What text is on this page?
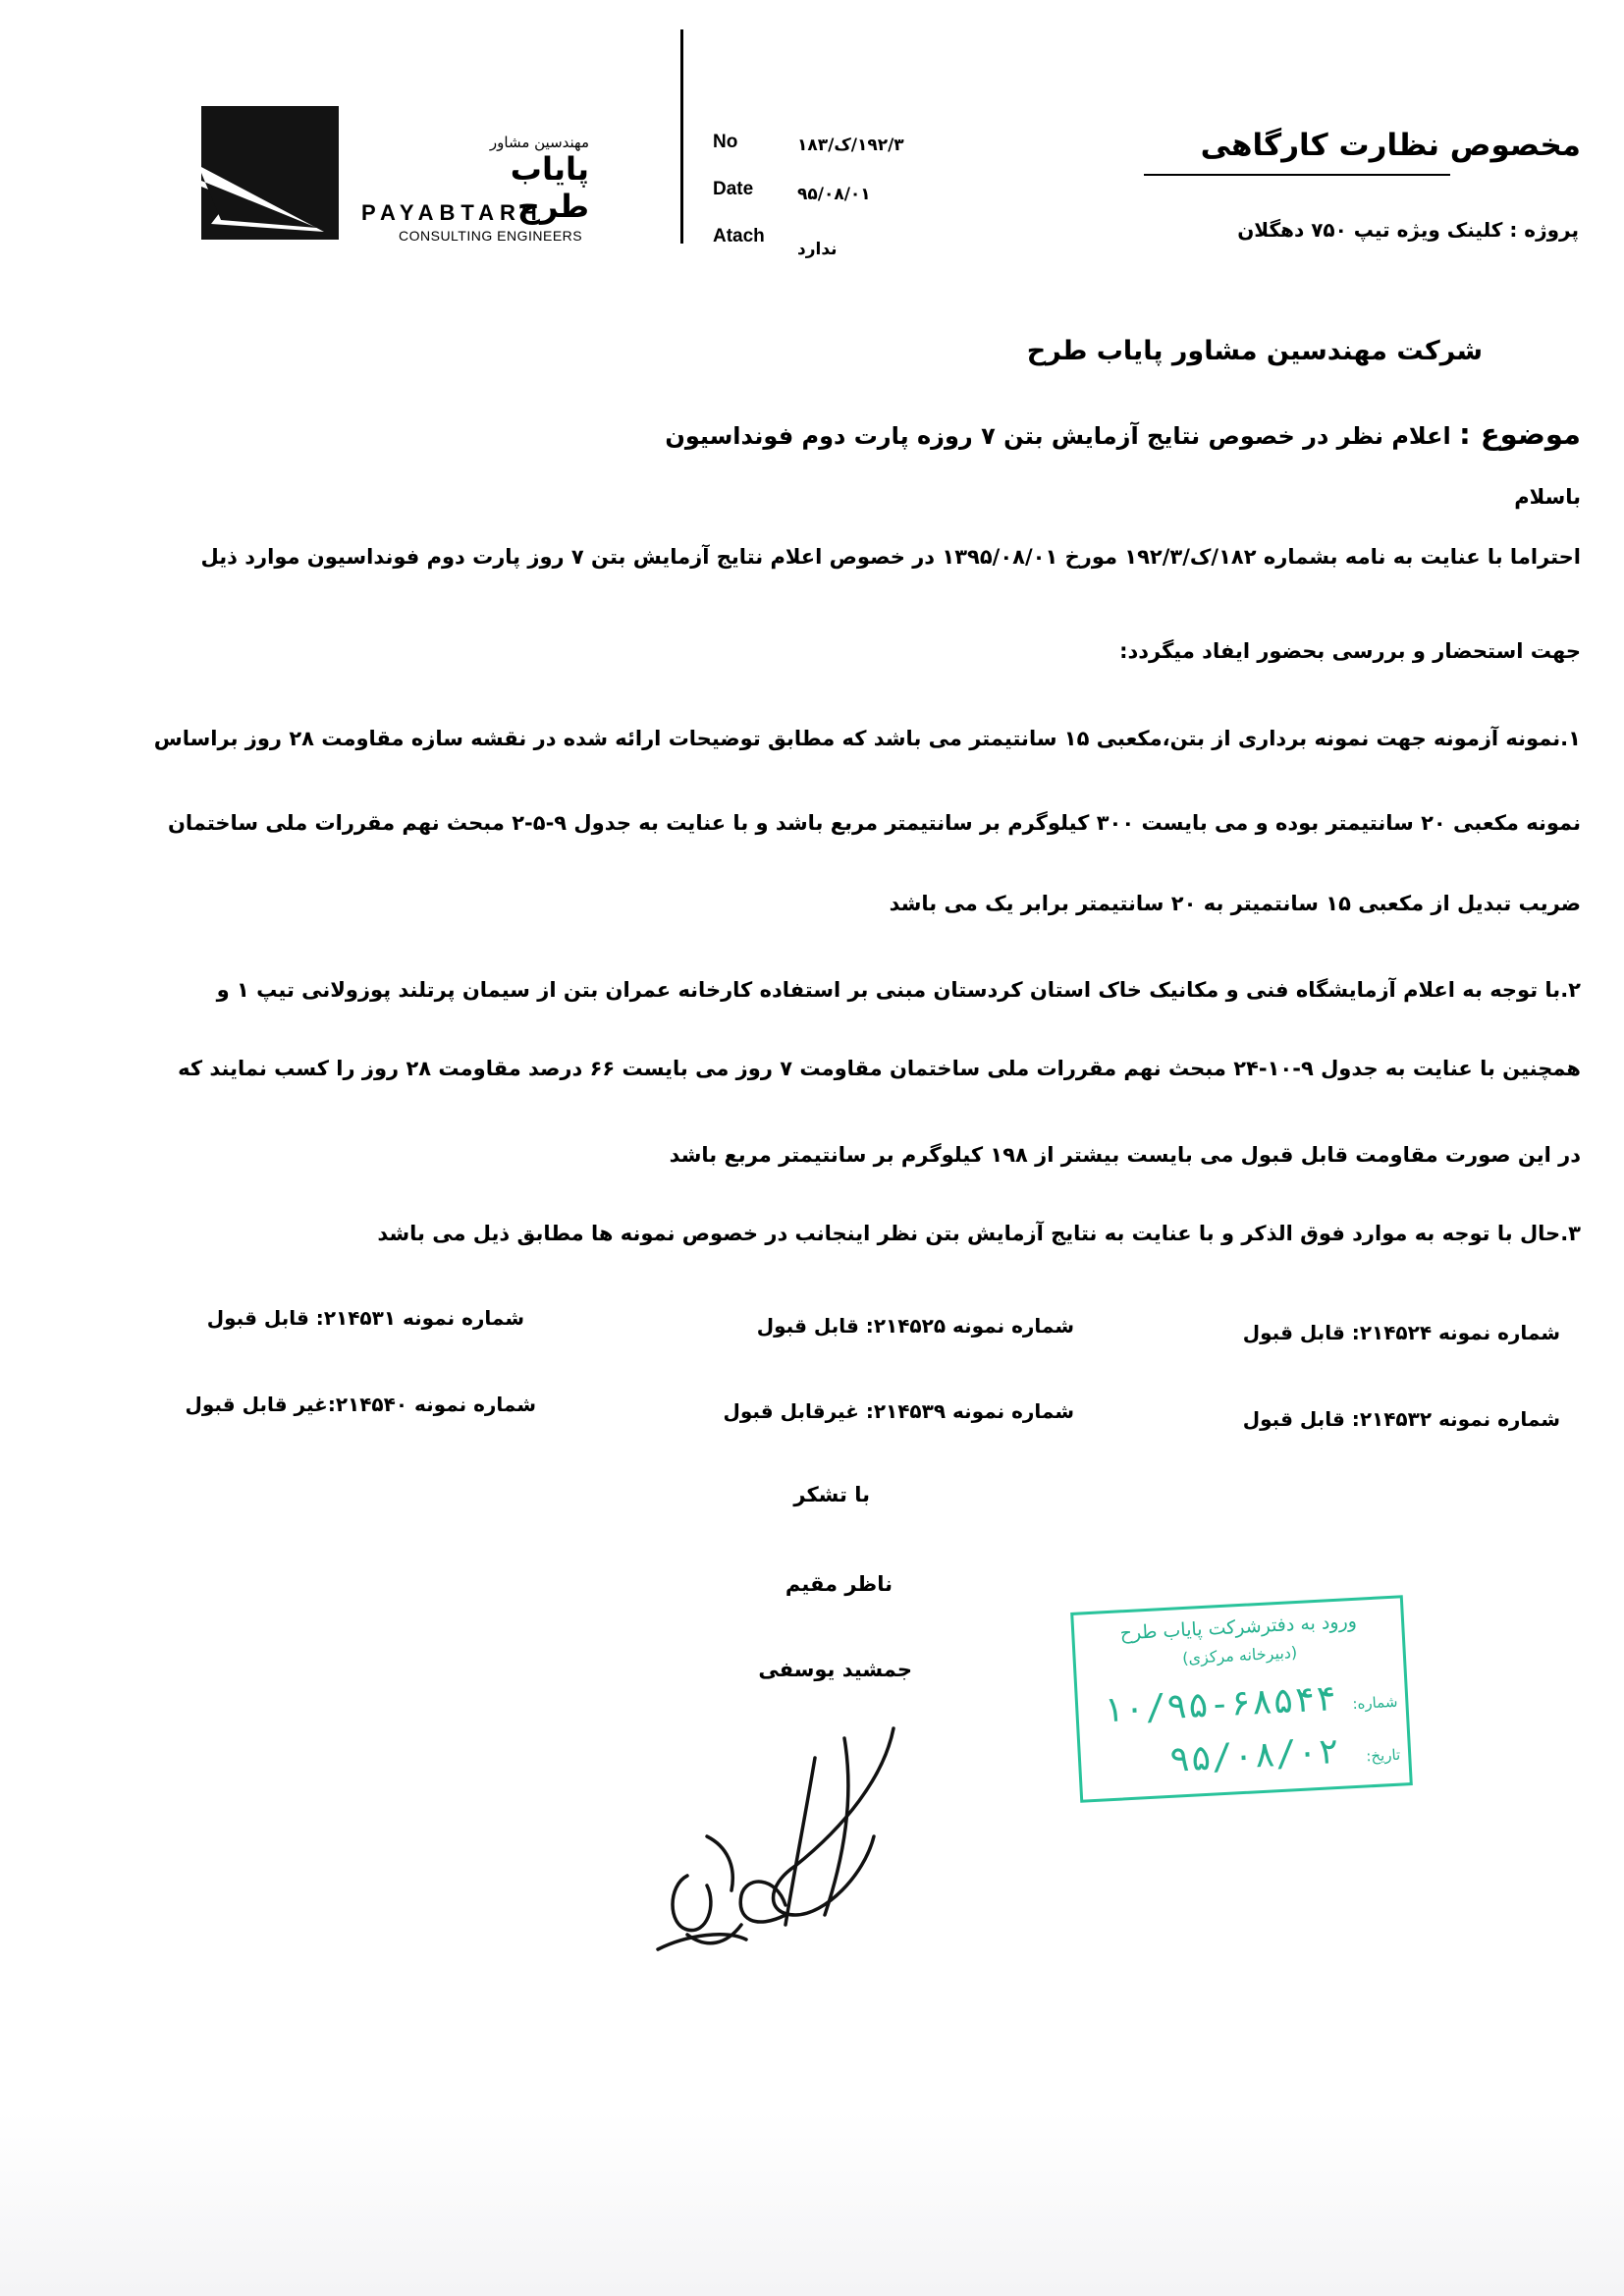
مهندسین مشاور
پایاب طرح
PAYABTARH
CONSULTING ENGINEERS
No	۱۹۲/۳/ک/۱۸۳
Date	۹۵/۰۸/۰۱
Atach
ندارد
مخصوص نظارت کارگاهی
پروژه : کلینک ویژه تیپ ۷۵۰ دهگلان
شرکت مهندسین مشاور پایاب طرح
موضوع : اعلام نظر در خصوص نتایج آزمایش بتن ۷ روزه پارت دوم فونداسیون
باسلام
احتراما با عنایت به نامه بشماره ۱۸۲/ک/۱۹۲/۳ مورخ ۱۳۹۵/۰۸/۰۱ در خصوص اعلام نتایج آزمایش بتن ۷ روز پارت دوم فونداسیون موارد ذیل
جهت استحضار و بررسی بحضور ایفاد میگردد:
۱.نمونه آزمونه جهت نمونه برداری از بتن،مکعبی ۱۵ سانتیمتر می باشد که مطابق توضیحات ارائه شده در نقشه سازه مقاومت ۲۸ روز براساس
نمونه مکعبی ۲۰ سانتیمتر بوده و می بایست ۳۰۰ کیلوگرم بر سانتیمتر مربع باشد و با عنایت به جدول ۹-۵-۲ مبحث نهم مقررات ملی ساختمان
ضریب تبدیل از مکعبی ۱۵ سانتمیتر به ۲۰ سانتیمتر برابر یک می باشد
۲.با توجه به اعلام آزمایشگاه فنی و مکانیک خاک استان کردستان مبنی بر استفاده کارخانه عمران بتن از سیمان پرتلند پوزولانی تیپ ۱ و
همچنین با عنایت به جدول ۹-۱۰-۲۴ مبحث نهم مقررات ملی ساختمان مقاومت ۷ روز می بایست ۶۶ درصد مقاومت ۲۸ روز را کسب نمایند که
در این صورت مقاومت قابل قبول می بایست بیشتر از ۱۹۸ کیلوگرم بر سانتیمتر مربع باشد
۳.حال با توجه به موارد فوق الذکر و با عنایت به نتایج آزمایش بتن نظر اینجانب در خصوص نمونه ها مطابق ذیل می باشد
شماره نمونه ۲۱۴۵۲۴: قابل قبول
شماره نمونه ۲۱۴۵۲۵: قابل قبول
شماره نمونه ۲۱۴۵۳۱: قابل قبول
شماره نمونه ۲۱۴۵۳۲: قابل قبول
شماره نمونه ۲۱۴۵۳۹: غیرقابل قبول
شماره نمونه ۲۱۴۵۴۰:غیر قابل قبول
با تشکر
ناظر مقیم
جمشید یوسفی
ورود به دفترشرکت پایاب طرح
(دبیرخانه مرکزی)
شماره:
۱۰/۹۵-۶۸۵۴۴
تاریخ:
۹۵/۰۸/۰۲
